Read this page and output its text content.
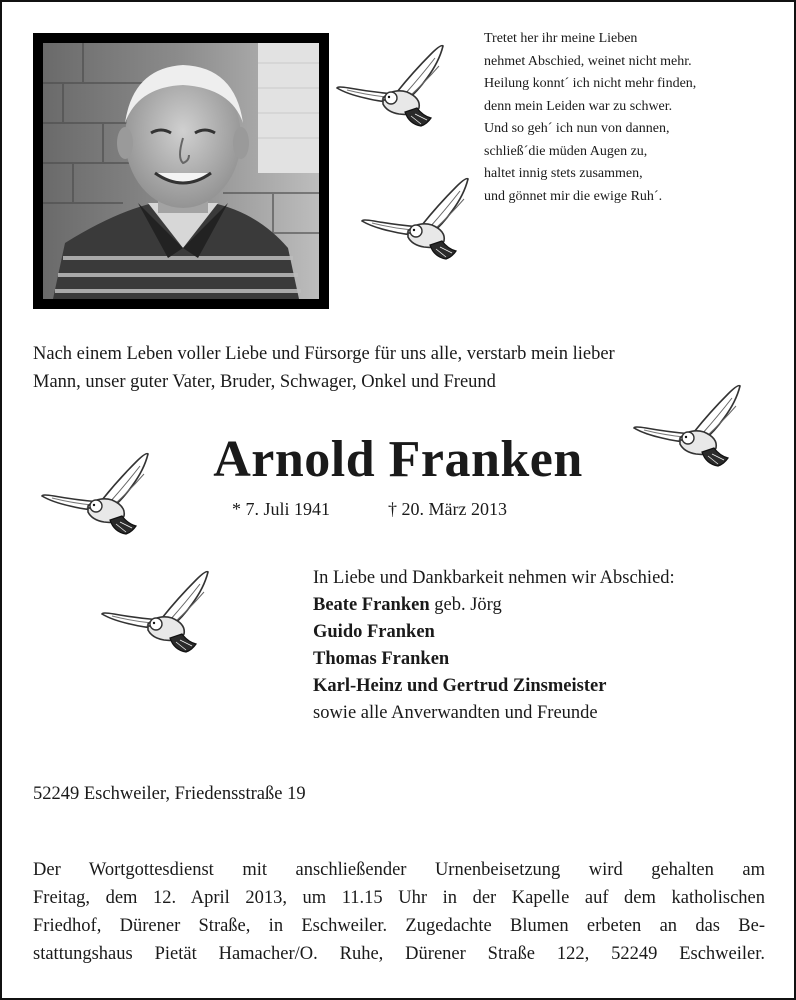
Tretet her ihr meine Lieben
nehmet Abschied, weinet nicht mehr.
Heilung konnt´ ich nicht mehr finden,
denn mein Leiden war zu schwer.
Und so geh´ ich nun von dannen,
schließ´die müden Augen zu,
haltet innig stets zusammen,
und gönnet mir die ewige Ruh´.
Nach einem Leben voller Liebe und Fürsorge für uns alle, verstarb mein lieber
Mann, unser guter Vater, Bruder, Schwager, Onkel und Freund
Arnold Franken
* 7. Juli 1941	† 20. März 2013
In Liebe und Dankbarkeit nehmen wir Abschied:
Beate Franken geb. Jörg
Guido Franken
Thomas Franken
Karl-Heinz und Gertrud Zinsmeister
sowie alle Anverwandten und Freunde
52249 Eschweiler, Friedensstraße 19
Der Wortgottesdienst mit anschließender Urnenbeisetzung wird gehalten am
Freitag, dem 12. April 2013, um 11.15 Uhr in der Kapelle auf dem katholischen
Friedhof, Dürener Straße, in Eschweiler. Zugedachte Blumen erbeten an das Be-
stattungshaus Pietät Hamacher/O. Ruhe, Dürener Straße 122, 52249 Eschweiler.
